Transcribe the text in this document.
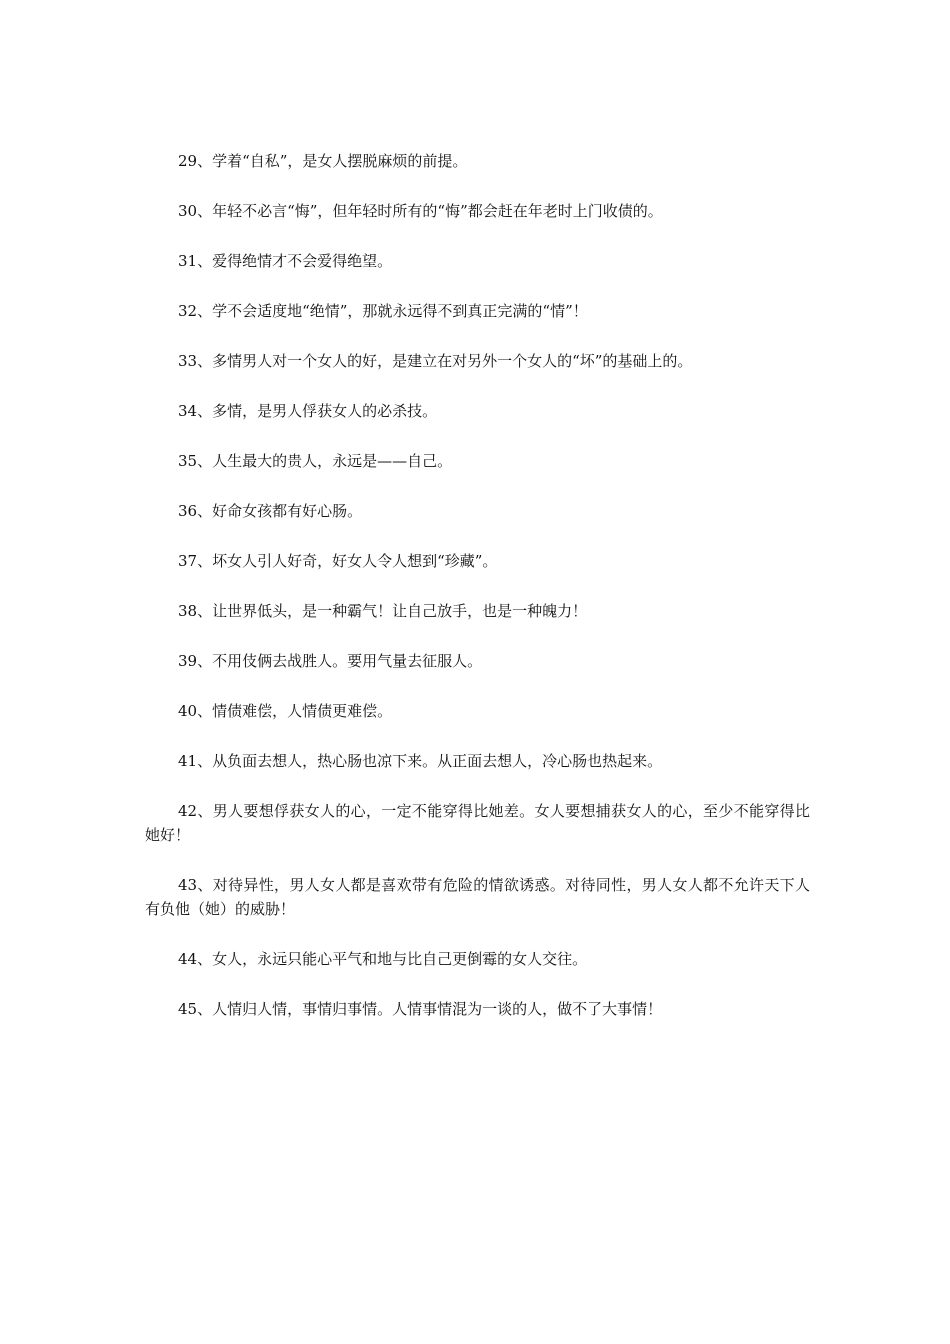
29、学着“自私”，是女人摆脱麻烦的前提。

30、年轻不必言“悔”，但年轻时所有的“悔”都会赶在年老时上门收债的。

31、爱得绝情才不会爱得绝望。

32、学不会适度地“绝情”，那就永远得不到真正完满的“情”！

33、多情男人对一个女人的好，是建立在对另外一个女人的“坏”的基础上的。

34、多情，是男人俘获女人的必杀技。

35、人生最大的贵人，永远是——自己。

36、好命女孩都有好心肠。

37、坏女人引人好奇，好女人令人想到“珍藏”。

38、让世界低头，是一种霸气！让自己放手，也是一种魄力！

39、不用伎俩去战胜人。要用气量去征服人。

40、情债难偿，人情债更难偿。

41、从负面去想人，热心肠也凉下来。从正面去想人，冷心肠也热起来。

42、男人要想俘获女人的心，一定不能穿得比她差。女人要想捕获女人的心，至少不能穿得比她好！

43、对待异性，男人女人都是喜欢带有危险的情欲诱惑。对待同性，男人女人都不允许天下人有负他（她）的威胁！

44、女人，永远只能心平气和地与比自己更倒霉的女人交往。

45、人情归人情，事情归事情。人情事情混为一谈的人，做不了大事情！
